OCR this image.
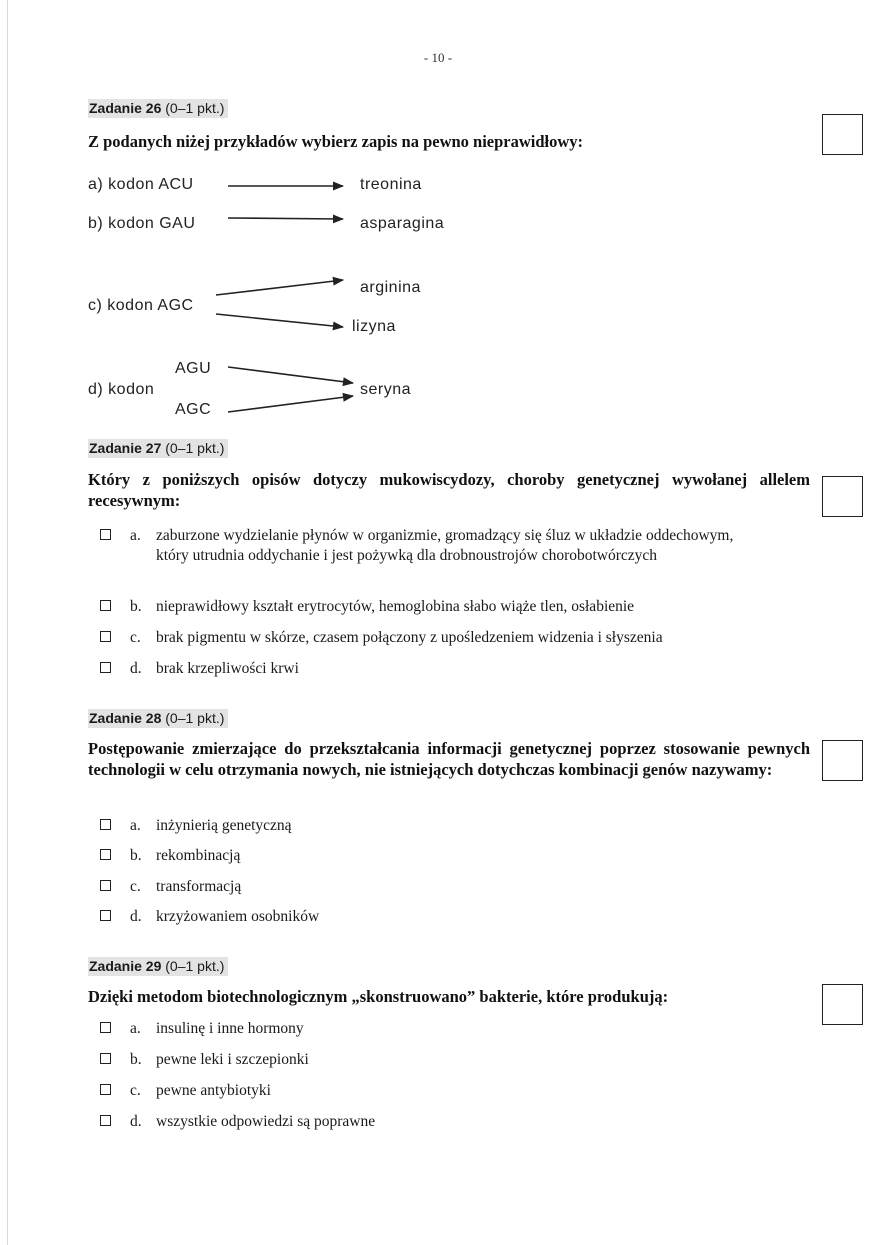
- 10 -
Zadanie 26 (0–1 pkt.)
Z podanych niżej przykładów wybierz zapis na pewno nieprawidłowy:
a) kodon ACU	treonina
b) kodon GAU	asparagina
c) kodon AGC
arginina
lizyna
d) kodon
AGU
AGC
seryna
Zadanie 27 (0–1 pkt.)
Który z poniższych opisów dotyczy mukowiscydozy, choroby genetycznej wywołanej allelem recesywnym:
a. zaburzone wydzielanie płynów w organizmie, gromadzący się śluz w układzie oddechowym, który utrudnia oddychanie i jest pożywką dla drobnoustrojów chorobotwórczych
b. nieprawidłowy kształt erytrocytów, hemoglobina słabo wiąże tlen, osłabienie
c. brak pigmentu w skórze, czasem połączony z upośledzeniem widzenia i słyszenia
d. brak krzepliwości krwi
Zadanie 28 (0–1 pkt.)
Postępowanie zmierzające do przekształcania informacji genetycznej poprzez stosowanie pewnych technologii w celu otrzymania nowych, nie istniejących dotychczas kombinacji genów nazywamy:
a. inżynierią genetyczną
b. rekombinacją
c. transformacją
d. krzyżowaniem osobników
Zadanie 29 (0–1 pkt.)
Dzięki metodom biotechnologicznym „skonstruowano” bakterie, które produkują:
a. insulinę i inne hormony
b. pewne leki i szczepionki
c. pewne antybiotyki
d. wszystkie odpowiedzi są poprawne
